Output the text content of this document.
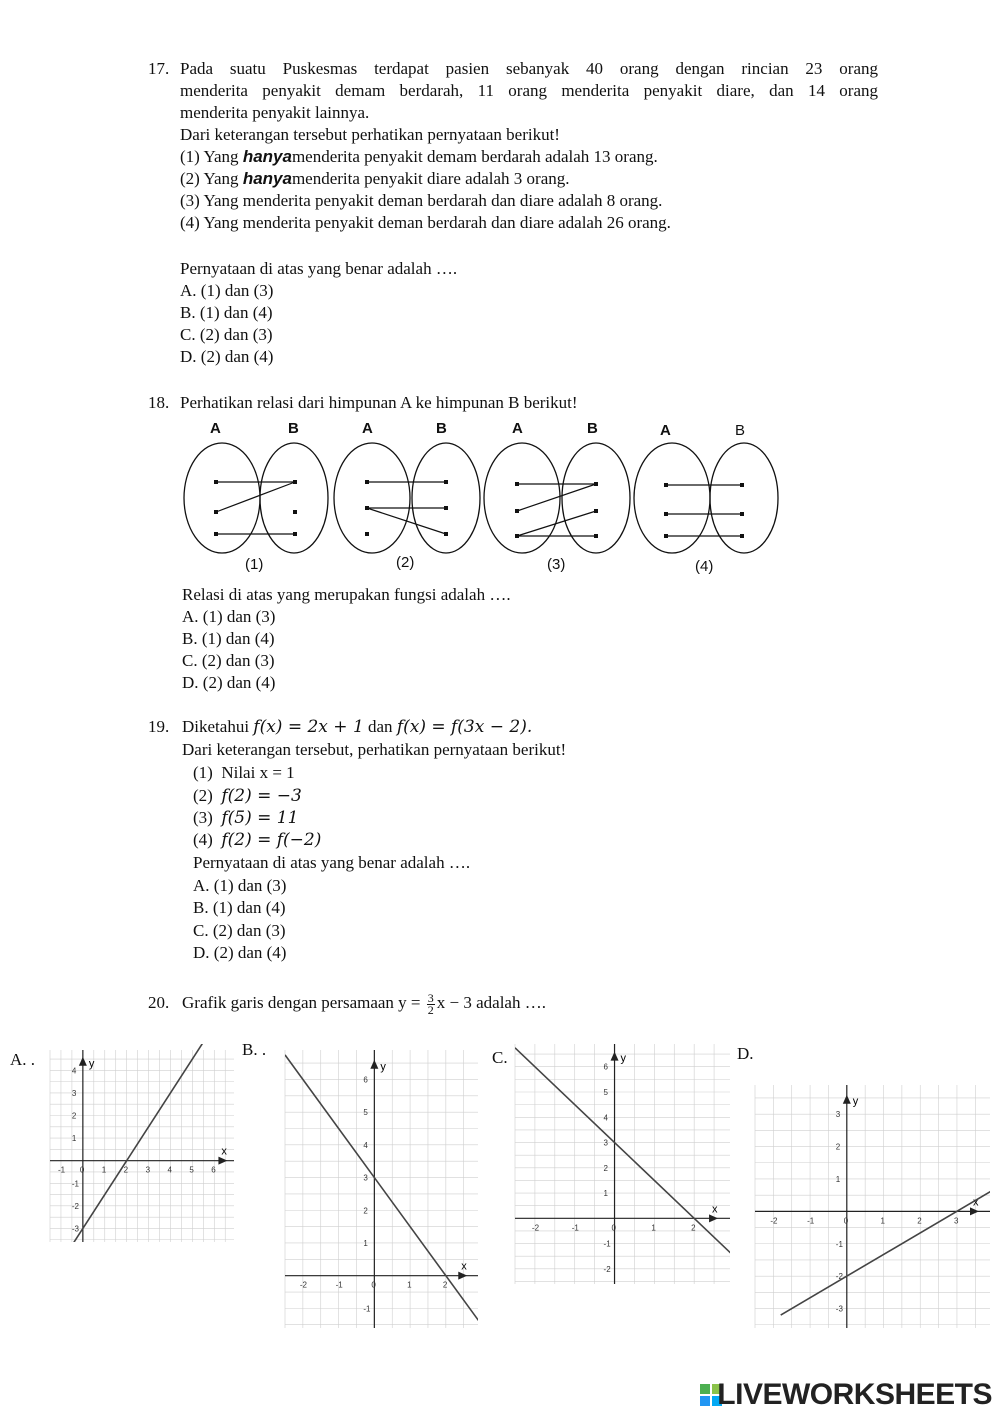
17. Pada suatu Puskesmas terdapat pasien sebanyak 40 orang dengan rincian 23 orang
menderita penyakit demam berdarah, 11 orang menderita penyakit diare, dan 14 orang
menderita penyakit lainnya.
Dari keterangan tersebut perhatikan pernyataan berikut!
(1) Yang hanyamenderita penyakit demam berdarah adalah 13 orang.
(2) Yang hanyamenderita penyakit diare adalah 3 orang.
(3) Yang menderita penyakit deman berdarah dan diare adalah 8 orang.
(4) Yang menderita penyakit deman berdarah dan diare adalah 26 orang.
Pernyataan di atas yang benar adalah ….
A. (1) dan (3)
B. (1) dan (4)
C. (2) dan (3)
D. (2) dan (4)
18. Perhatikan relasi dari himpunan A ke himpunan B berikut!
A	B	A	B	A	B	A	B
(1)	(2)	(3)	(4)
Relasi di atas yang merupakan fungsi adalah ….
A. (1) dan (3)
B. (1) dan (4)
C. (2) dan (3)
D. (2) dan (4)
19. Diketahui f(x) = 2x + 1 dan f(x) = f(3x − 2).
Dari keterangan tersebut, perhatikan pernyataan berikut!
(1) Nilai x = 1
(2) f(2) = −3
(3) f(5) = 11
(4) f(2) = f(−2)
Pernyataan di atas yang benar adalah ….
A. (1) dan (3)
B. (1) dan (4)
C. (2) dan (3)
D. (2) dan (4)
20. Grafik garis dengan persamaan $y = \frac{3}{2}$ x − 3 adalah ….
A. .
B. .	C.	D.
x
y
-1 0 1 2 3 4 5 6
-3
-2
-1
1
2
3
4
x
y
-2	-1	0	1	2
-1
1
2
3
4
5
6
x
y
-2	-1	0	1	2
-2
-1
1
2
3
4
5
6
x
y
-2	-1	0	1	2	3
-3
-2
-1
1
2
3
LIVEWORKSHEETS
